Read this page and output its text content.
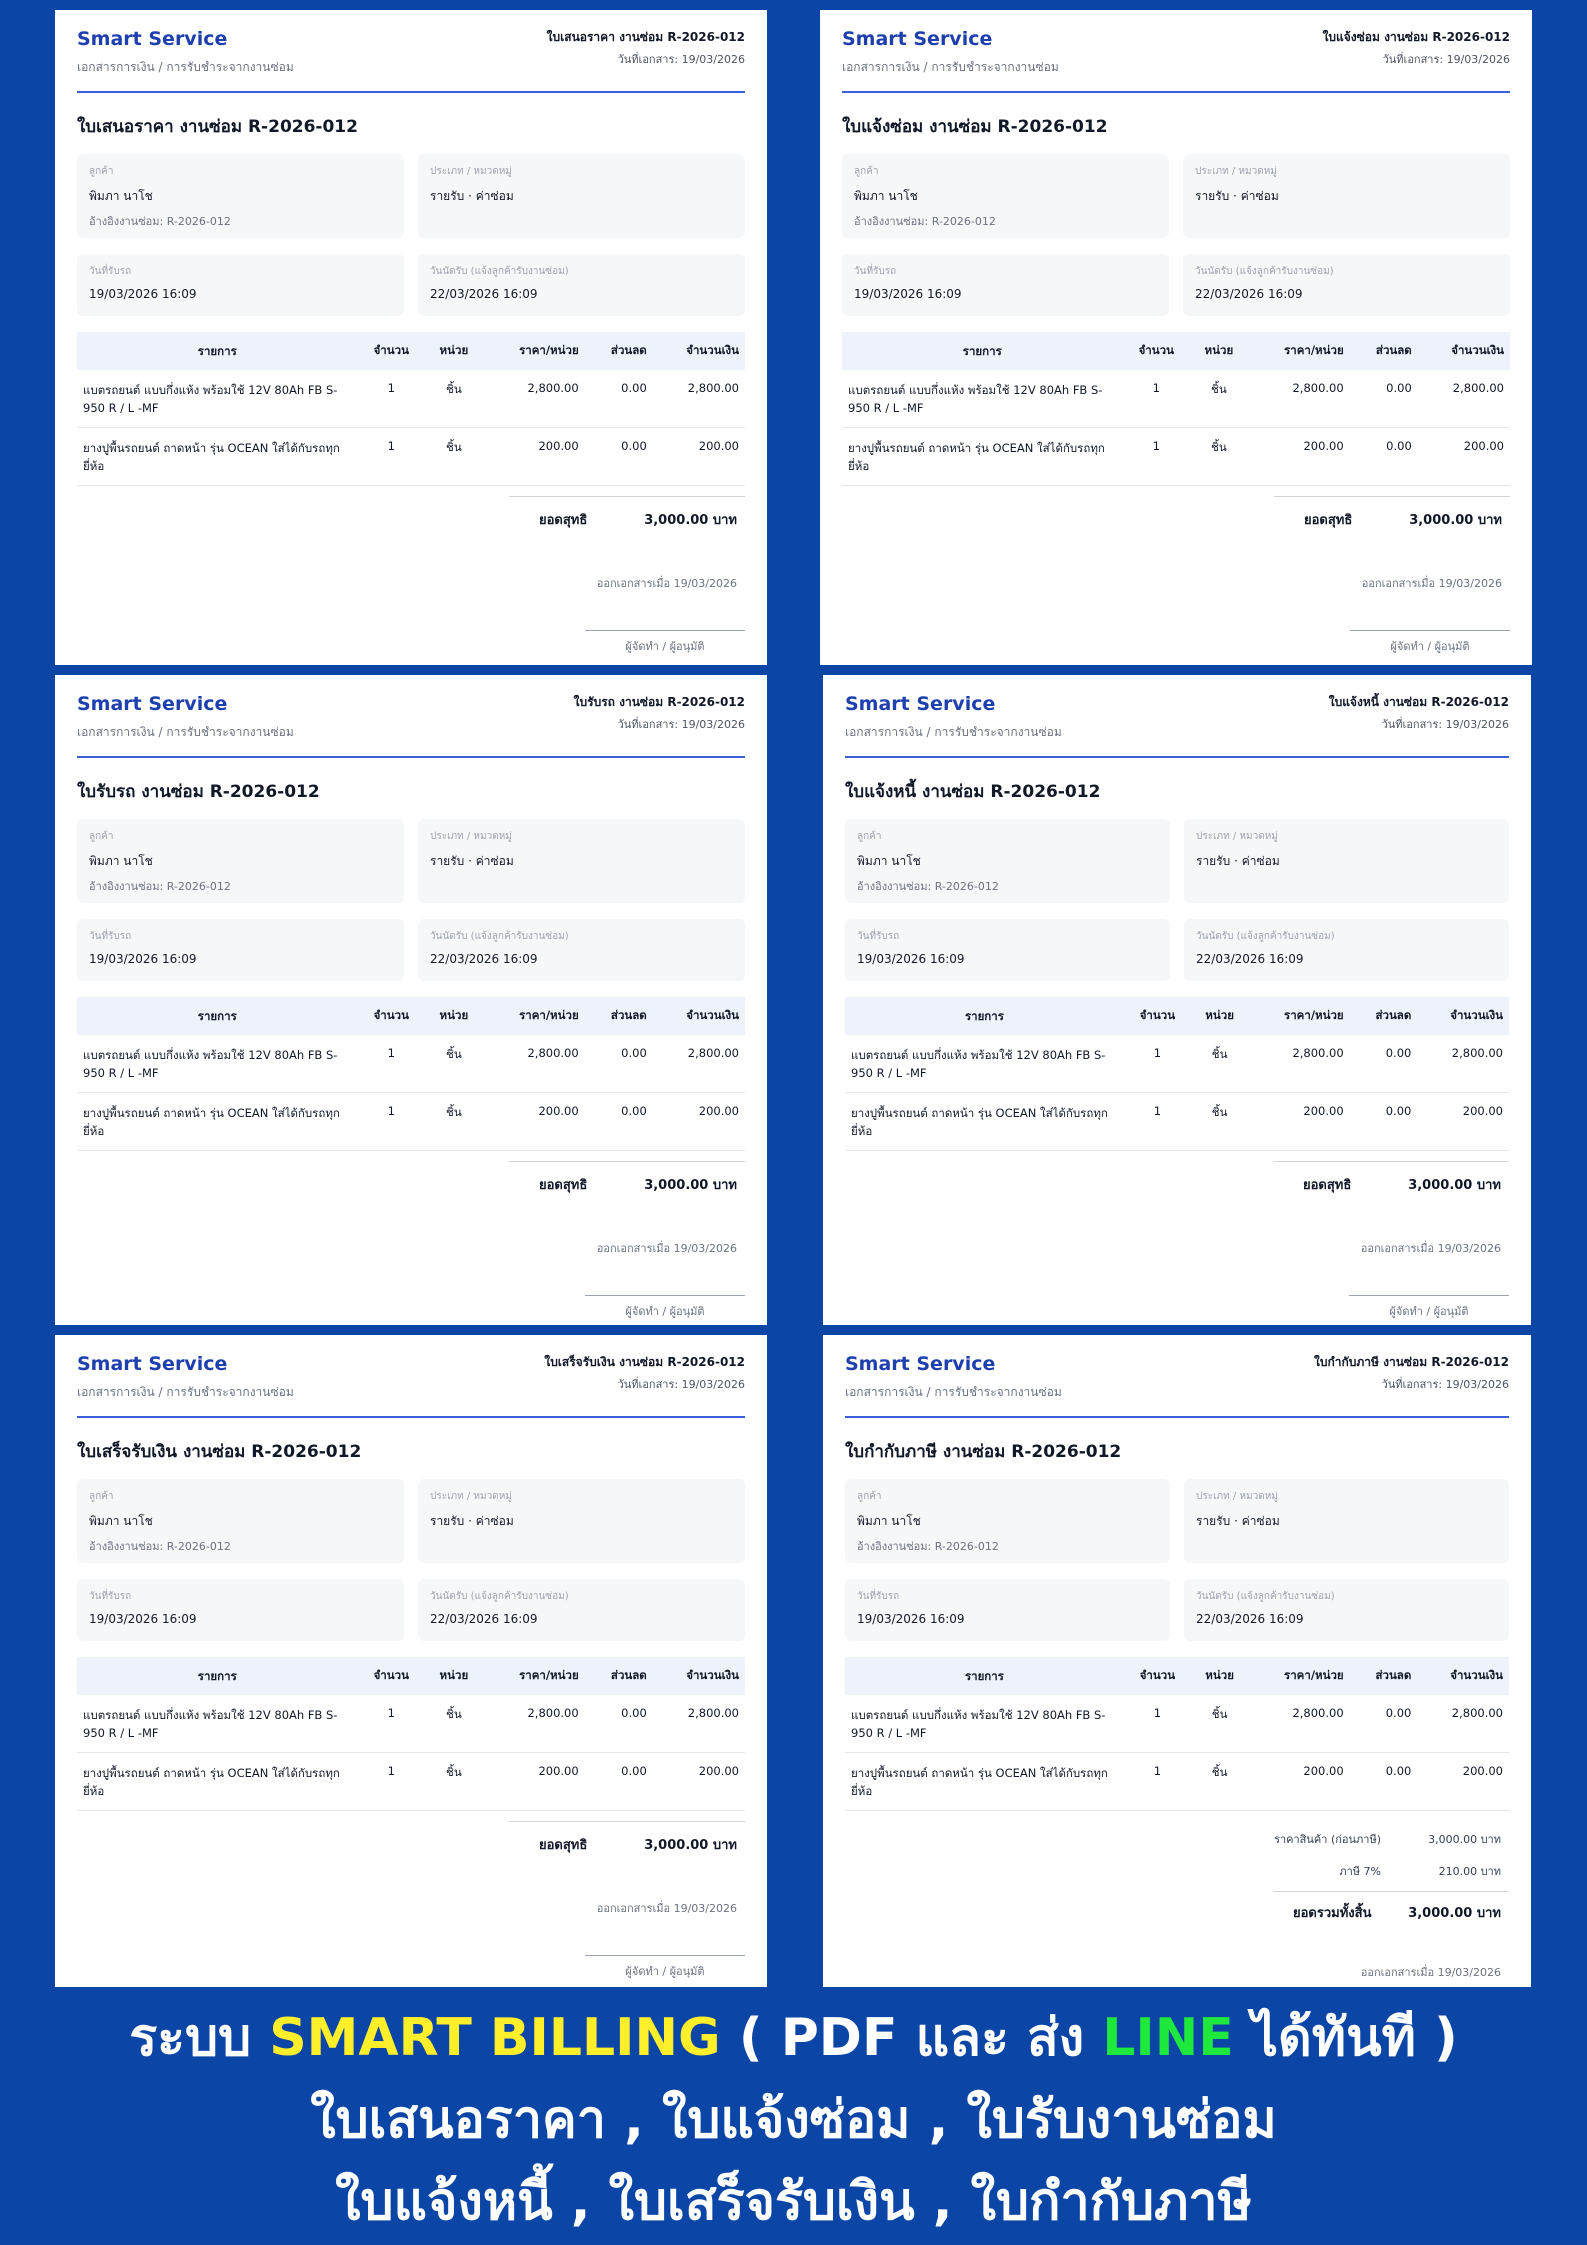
Smart Service
เอกสารการเงิน / การรับชำระจากงานซ่อม
ใบเสนอราคา งานซ่อม R-2026-012
วันที่เอกสาร: 19/03/2026
ใบเสนอราคา งานซ่อม R-2026-012
ลูกค้า
พิมภา นาโช
อ้างอิงงานซ่อม: R-2026-012
ประเภท / หมวดหมู่
รายรับ · ค่าซ่อม
วันที่รับรถ
19/03/2026 16:09
วันนัดรับ (แจ้งลูกค้ารับงานซ่อม)
22/03/2026 16:09
รายการ	จำนวน	หน่วย	ราคา/หน่วย	ส่วนลด	จำนวนเงิน
แบตรถยนต์ แบบกึ่งแห้ง พร้อมใช้ 12V 80Ah FB S-950 R / L -MF	1	ชิ้น	2,800.00	0.00	2,800.00
ยางปูพื้นรถยนต์ ถาดหน้า รุ่น OCEAN ใส่ได้กับรถทุกยี่ห้อ	1	ชิ้น	200.00	0.00	200.00
ยอดสุทธิ	3,000.00 บาท
ออกเอกสารเมื่อ 19/03/2026
ผู้จัดทำ / ผู้อนุมัติ
Smart Service
เอกสารการเงิน / การรับชำระจากงานซ่อม
ใบแจ้งซ่อม งานซ่อม R-2026-012
วันที่เอกสาร: 19/03/2026
ใบแจ้งซ่อม งานซ่อม R-2026-012
ลูกค้า
พิมภา นาโช
อ้างอิงงานซ่อม: R-2026-012
ประเภท / หมวดหมู่
รายรับ · ค่าซ่อม
วันที่รับรถ
19/03/2026 16:09
วันนัดรับ (แจ้งลูกค้ารับงานซ่อม)
22/03/2026 16:09
รายการ	จำนวน	หน่วย	ราคา/หน่วย	ส่วนลด	จำนวนเงิน
แบตรถยนต์ แบบกึ่งแห้ง พร้อมใช้ 12V 80Ah FB S-950 R / L -MF	1	ชิ้น	2,800.00	0.00	2,800.00
ยางปูพื้นรถยนต์ ถาดหน้า รุ่น OCEAN ใส่ได้กับรถทุกยี่ห้อ	1	ชิ้น	200.00	0.00	200.00
ยอดสุทธิ	3,000.00 บาท
ออกเอกสารเมื่อ 19/03/2026
ผู้จัดทำ / ผู้อนุมัติ
Smart Service
เอกสารการเงิน / การรับชำระจากงานซ่อม
ใบรับรถ งานซ่อม R-2026-012
วันที่เอกสาร: 19/03/2026
ใบรับรถ งานซ่อม R-2026-012
ลูกค้า
พิมภา นาโช
อ้างอิงงานซ่อม: R-2026-012
ประเภท / หมวดหมู่
รายรับ · ค่าซ่อม
วันที่รับรถ
19/03/2026 16:09
วันนัดรับ (แจ้งลูกค้ารับงานซ่อม)
22/03/2026 16:09
รายการ	จำนวน	หน่วย	ราคา/หน่วย	ส่วนลด	จำนวนเงิน
แบตรถยนต์ แบบกึ่งแห้ง พร้อมใช้ 12V 80Ah FB S-950 R / L -MF	1	ชิ้น	2,800.00	0.00	2,800.00
ยางปูพื้นรถยนต์ ถาดหน้า รุ่น OCEAN ใส่ได้กับรถทุกยี่ห้อ	1	ชิ้น	200.00	0.00	200.00
ยอดสุทธิ	3,000.00 บาท
ออกเอกสารเมื่อ 19/03/2026
ผู้จัดทำ / ผู้อนุมัติ
Smart Service
เอกสารการเงิน / การรับชำระจากงานซ่อม
ใบแจ้งหนี้ งานซ่อม R-2026-012
วันที่เอกสาร: 19/03/2026
ใบแจ้งหนี้ งานซ่อม R-2026-012
ลูกค้า
พิมภา นาโช
อ้างอิงงานซ่อม: R-2026-012
ประเภท / หมวดหมู่
รายรับ · ค่าซ่อม
วันที่รับรถ
19/03/2026 16:09
วันนัดรับ (แจ้งลูกค้ารับงานซ่อม)
22/03/2026 16:09
รายการ	จำนวน	หน่วย	ราคา/หน่วย	ส่วนลด	จำนวนเงิน
แบตรถยนต์ แบบกึ่งแห้ง พร้อมใช้ 12V 80Ah FB S-950 R / L -MF	1	ชิ้น	2,800.00	0.00	2,800.00
ยางปูพื้นรถยนต์ ถาดหน้า รุ่น OCEAN ใส่ได้กับรถทุกยี่ห้อ	1	ชิ้น	200.00	0.00	200.00
ยอดสุทธิ	3,000.00 บาท
ออกเอกสารเมื่อ 19/03/2026
ผู้จัดทำ / ผู้อนุมัติ
Smart Service
เอกสารการเงิน / การรับชำระจากงานซ่อม
ใบเสร็จรับเงิน งานซ่อม R-2026-012
วันที่เอกสาร: 19/03/2026
ใบเสร็จรับเงิน งานซ่อม R-2026-012
ลูกค้า
พิมภา นาโช
อ้างอิงงานซ่อม: R-2026-012
ประเภท / หมวดหมู่
รายรับ · ค่าซ่อม
วันที่รับรถ
19/03/2026 16:09
วันนัดรับ (แจ้งลูกค้ารับงานซ่อม)
22/03/2026 16:09
รายการ	จำนวน	หน่วย	ราคา/หน่วย	ส่วนลด	จำนวนเงิน
แบตรถยนต์ แบบกึ่งแห้ง พร้อมใช้ 12V 80Ah FB S-950 R / L -MF	1	ชิ้น	2,800.00	0.00	2,800.00
ยางปูพื้นรถยนต์ ถาดหน้า รุ่น OCEAN ใส่ได้กับรถทุกยี่ห้อ	1	ชิ้น	200.00	0.00	200.00
ยอดสุทธิ	3,000.00 บาท
ออกเอกสารเมื่อ 19/03/2026
ผู้จัดทำ / ผู้อนุมัติ
Smart Service
เอกสารการเงิน / การรับชำระจากงานซ่อม
ใบกำกับภาษี งานซ่อม R-2026-012
วันที่เอกสาร: 19/03/2026
ใบกำกับภาษี งานซ่อม R-2026-012
ลูกค้า
พิมภา นาโช
อ้างอิงงานซ่อม: R-2026-012
ประเภท / หมวดหมู่
รายรับ · ค่าซ่อม
วันที่รับรถ
19/03/2026 16:09
วันนัดรับ (แจ้งลูกค้ารับงานซ่อม)
22/03/2026 16:09
รายการ	จำนวน	หน่วย	ราคา/หน่วย	ส่วนลด	จำนวนเงิน
แบตรถยนต์ แบบกึ่งแห้ง พร้อมใช้ 12V 80Ah FB S-950 R / L -MF	1	ชิ้น	2,800.00	0.00	2,800.00
ยางปูพื้นรถยนต์ ถาดหน้า รุ่น OCEAN ใส่ได้กับรถทุกยี่ห้อ	1	ชิ้น	200.00	0.00	200.00
ราคาสินค้า (ก่อนภาษี)	3,000.00 บาท
ภาษี 7%	210.00 บาท
ยอดรวมทั้งสิ้น	3,000.00 บาท
ออกเอกสารเมื่อ 19/03/2026
ระบบ SMART BILLING ( PDF และ ส่ง LINE ได้ทันที )
ใบเสนอราคา , ใบแจ้งซ่อม , ใบรับงานซ่อม
ใบแจ้งหนี้ , ใบเสร็จรับเงิน , ใบกำกับภาษี
